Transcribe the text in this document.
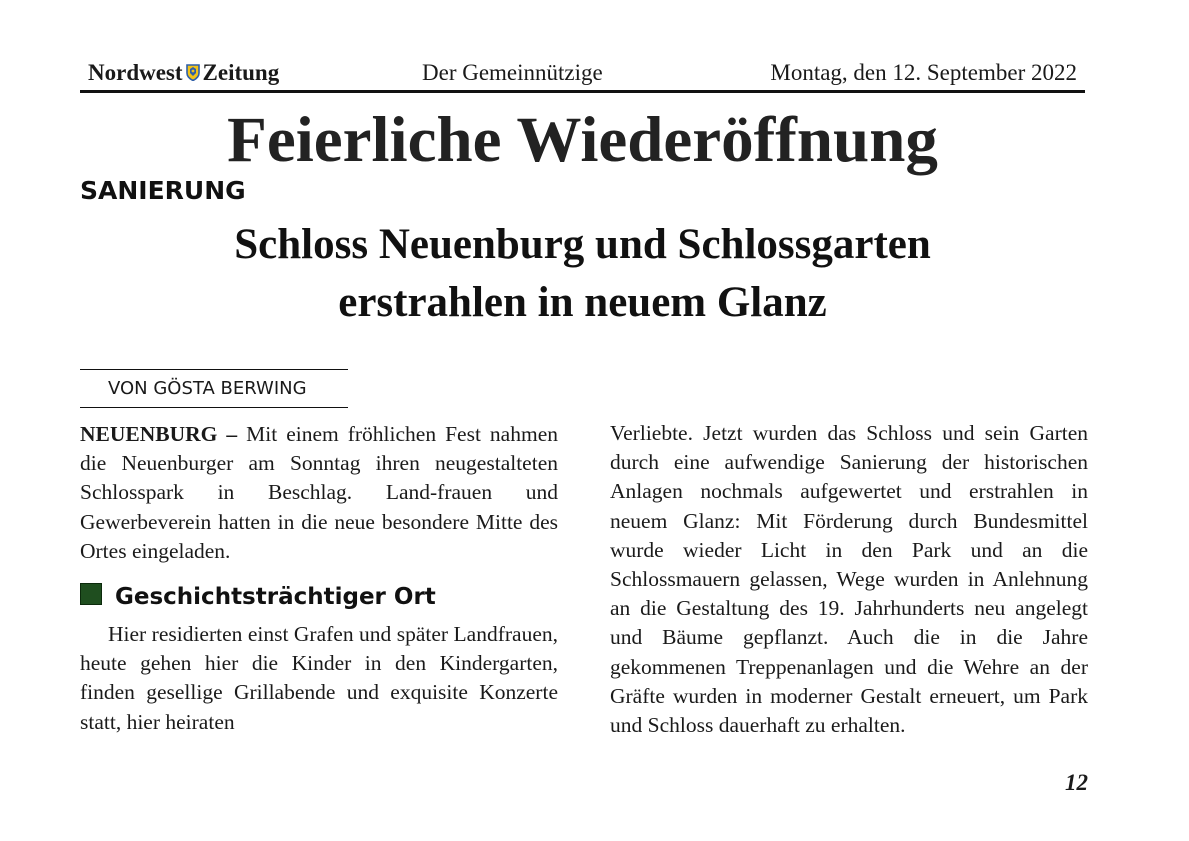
Nordwest Zeitung	Der Gemeinnützige	Montag, den 12. September 2022
Feierliche Wiederöffnung
SANIERUNG
Schloss Neuenburg und Schlossgarten
erstrahlen in neuem Glanz
VON GÖSTA BERWING

NEUENBURG – Mit einem fröhlichen Fest nahmen die Neuenburger am Sonntag ihren neugestalteten Schlosspark in Beschlag. Land-frauen und Gewerbeverein hatten in die neue besondere Mitte des Ortes eingeladen.

Geschichtsträchtiger Ort

Hier residierten einst Grafen und später Landfrauen, heute gehen hier die Kinder in den Kindergarten, finden gesellige Grillabende und exquisite Konzerte statt, hier heiraten

Verliebte. Jetzt wurden das Schloss und sein Garten durch eine aufwendige Sanierung der historischen Anlagen nochmals aufgewertet und erstrahlen in neuem Glanz: Mit Förderung durch Bundesmittel wurde wieder Licht in den Park und an die Schlossmauern gelassen, Wege wurden in Anlehnung an die Gestaltung des 19. Jahrhunderts neu angelegt und Bäume gepflanzt. Auch die in die Jahre gekommenen Treppenanlagen und die Wehre an der Gräfte wurden in moderner Gestalt erneuert, um Park und Schloss dauerhaft zu erhalten.

12
